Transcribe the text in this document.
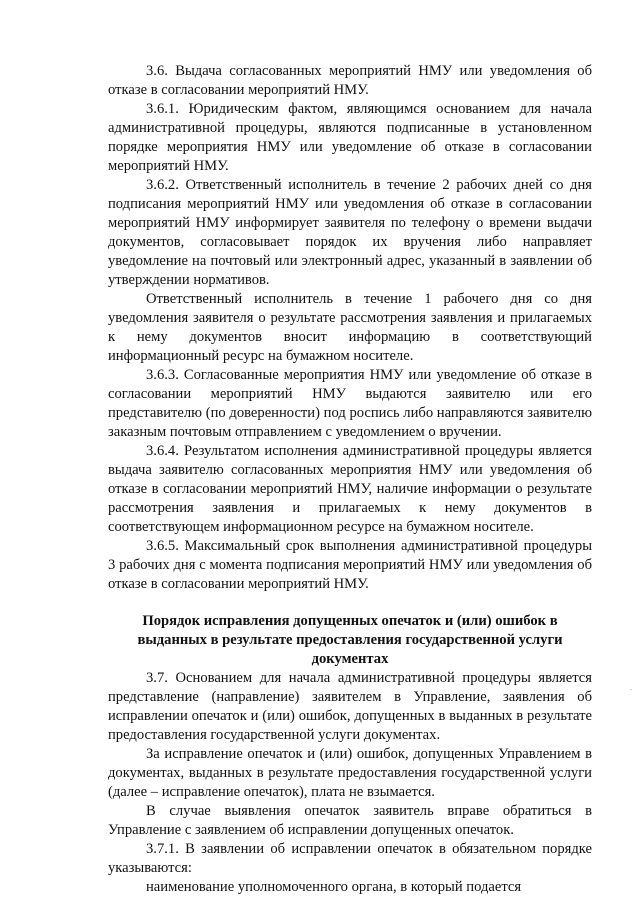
3.6. Выдача согласованных мероприятий НМУ или уведомления об отказе в согласовании мероприятий НМУ.

3.6.1. Юридическим фактом, являющимся основанием для начала административной процедуры, являются подписанные в установленном порядке мероприятия НМУ или уведомление об отказе в согласовании мероприятий НМУ.

3.6.2. Ответственный исполнитель в течение 2 рабочих дней со дня подписания мероприятий НМУ или уведомления об отказе в согласовании мероприятий НМУ информирует заявителя по телефону о времени выдачи документов, согласовывает порядок их вручения либо направляет уведомление на почтовый или электронный адрес, указанный в заявлении об утверждении нормативов.

Ответственный исполнитель в течение 1 рабочего дня со дня уведомления заявителя о результате рассмотрения заявления и прилагаемых к нему документов вносит информацию в соответствующий информационный ресурс на бумажном носителе.

3.6.3. Согласованные мероприятия НМУ или уведомление об отказе в согласовании мероприятий НМУ выдаются заявителю или его представителю (по доверенности) под роспись либо направляются заявителю заказным почтовым отправлением с уведомлением о вручении.

3.6.4. Результатом исполнения административной процедуры является выдача заявителю согласованных мероприятия НМУ или уведомления об отказе в согласовании мероприятий НМУ, наличие информации о результате рассмотрения заявления и прилагаемых к нему документов в соответствующем информационном ресурсе на бумажном носителе.

3.6.5. Максимальный срок выполнения административной процедуры 3 рабочих дня с момента подписания мероприятий НМУ или уведомления об отказе в согласовании мероприятий НМУ.

Порядок исправления допущенных опечаток и (или) ошибок в выданных в результате предоставления государственной услуги документах

3.7. Основанием для начала административной процедуры является представление (направление) заявителем в Управление, заявления об исправлении опечаток и (или) ошибок, допущенных в выданных в результате предоставления государственной услуги документах.

За исправление опечаток и (или) ошибок, допущенных Управлением в документах, выданных в результате предоставления государственной услуги (далее – исправление опечаток), плата не взымается.

В случае выявления опечаток заявитель вправе обратиться в Управление с заявлением об исправлении допущенных опечаток.

3.7.1. В заявлении об исправлении опечаток в обязательном порядке указываются:

наименование уполномоченного органа, в который подается

.
